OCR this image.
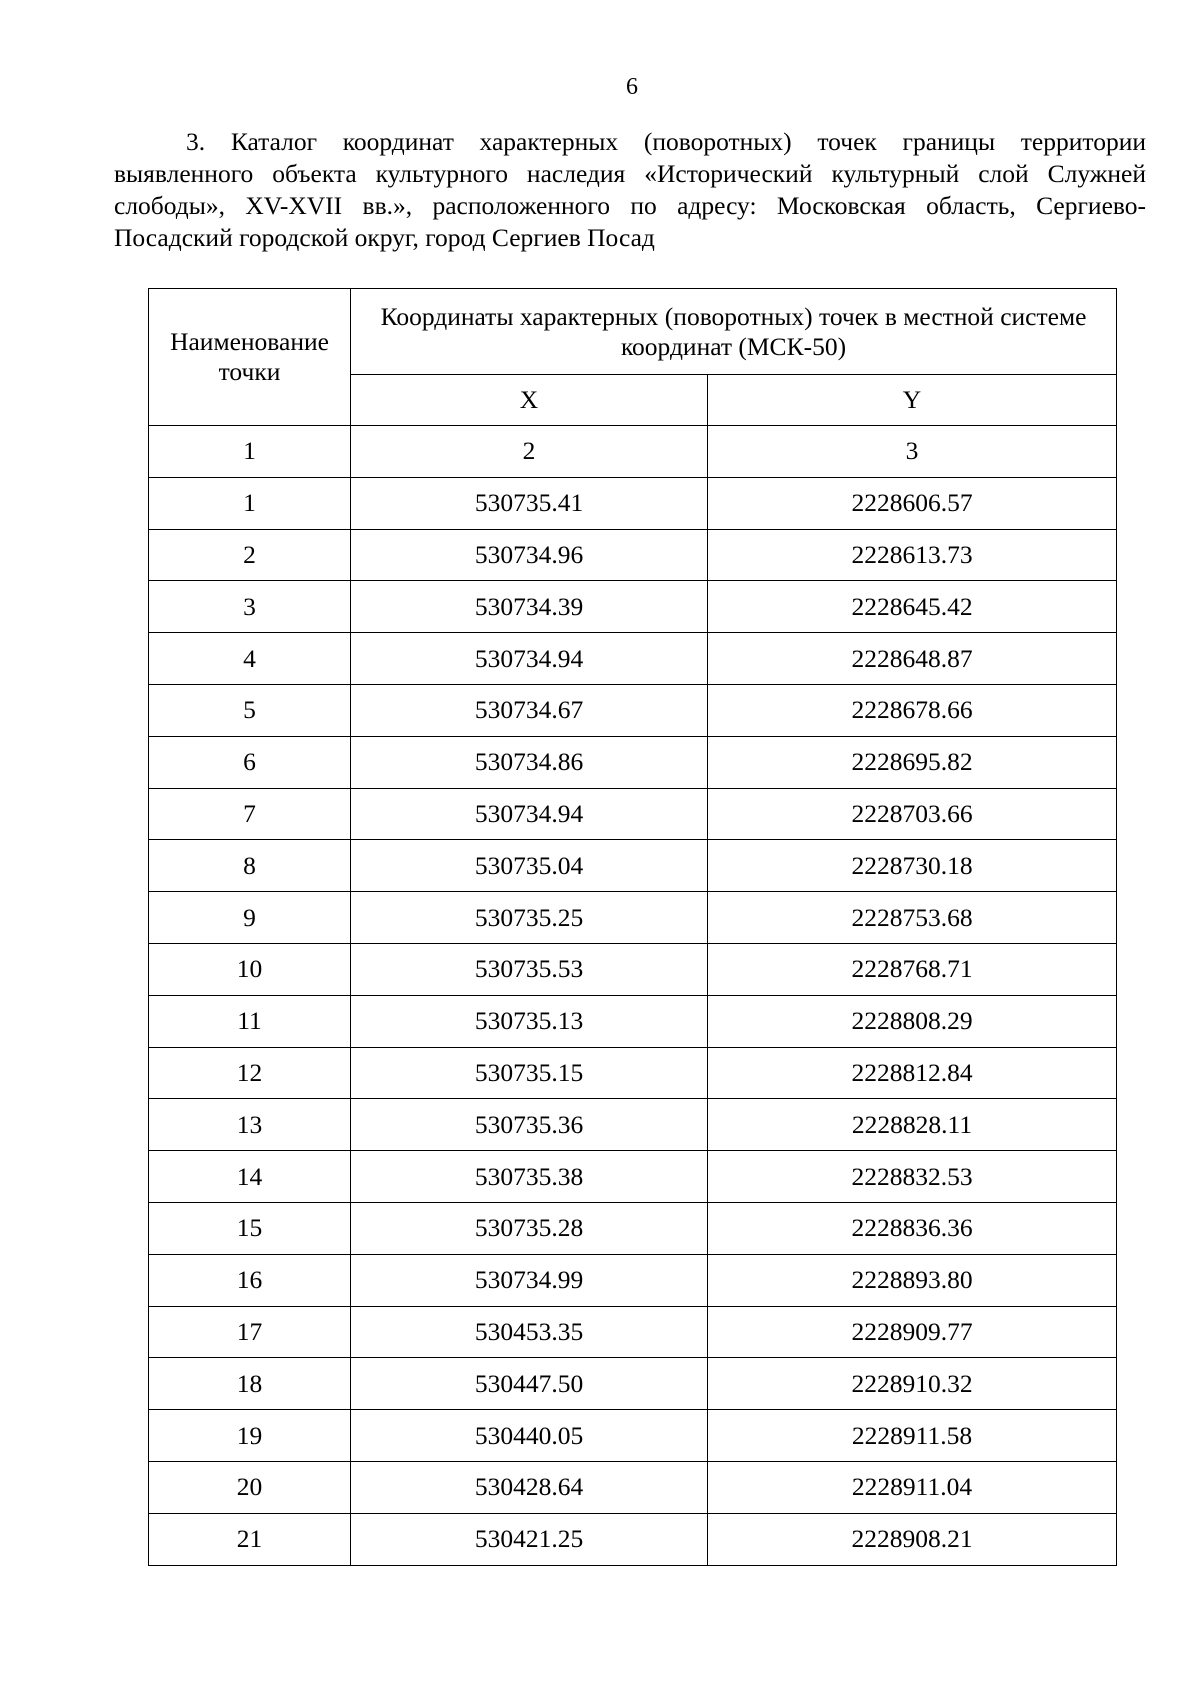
6

3. Каталог координат характерных (поворотных) точек границы территории выявленного объекта культурного наследия «Исторический культурный слой Служней слободы», XV-XVII вв.», расположенного по адресу: Московская область, Сергиево-Посадский городской округ, город Сергиев Посад

Наименование точки	Координаты характерных (поворотных) точек в местной системе координат (МСК-50)	
	X	Y
1	2	3
1	530735.41	2228606.57
2	530734.96	2228613.73
3	530734.39	2228645.42
4	530734.94	2228648.87
5	530734.67	2228678.66
6	530734.86	2228695.82
7	530734.94	2228703.66
8	530735.04	2228730.18
9	530735.25	2228753.68
10	530735.53	2228768.71
11	530735.13	2228808.29
12	530735.15	2228812.84
13	530735.36	2228828.11
14	530735.38	2228832.53
15	530735.28	2228836.36
16	530734.99	2228893.80
17	530453.35	2228909.77
18	530447.50	2228910.32
19	530440.05	2228911.58
20	530428.64	2228911.04
21	530421.25	2228908.21
